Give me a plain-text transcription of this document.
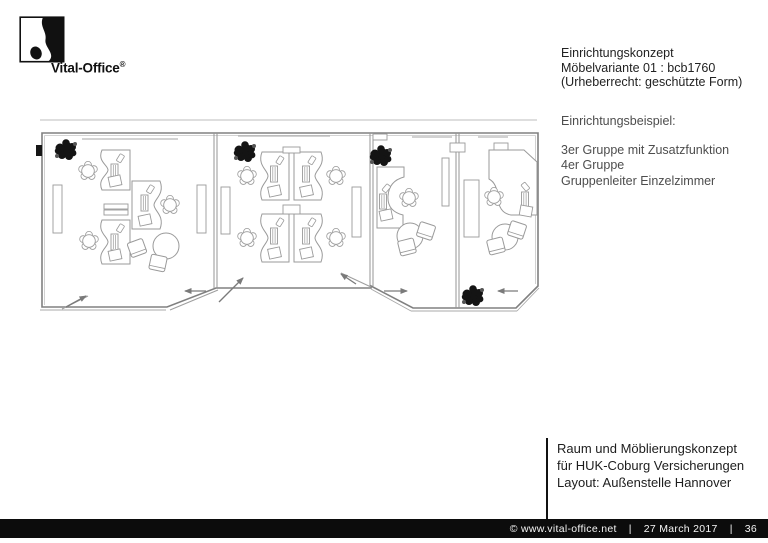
Vital-Office®
Einrichtungskonzept
Möbelvariante 01 : bcb1760
(Urheberrecht: geschützte Form)
Einrichtungsbeispiel:
3er Gruppe mit Zusatzfunktion
4er Gruppe
Gruppenleiter Einzelzimmer
Raum und Möblierungskonzept
für HUK-Coburg Versicherungen
Layout: Außenstelle Hannover
© www.vital-office.net | 27 March 2017 | 36
